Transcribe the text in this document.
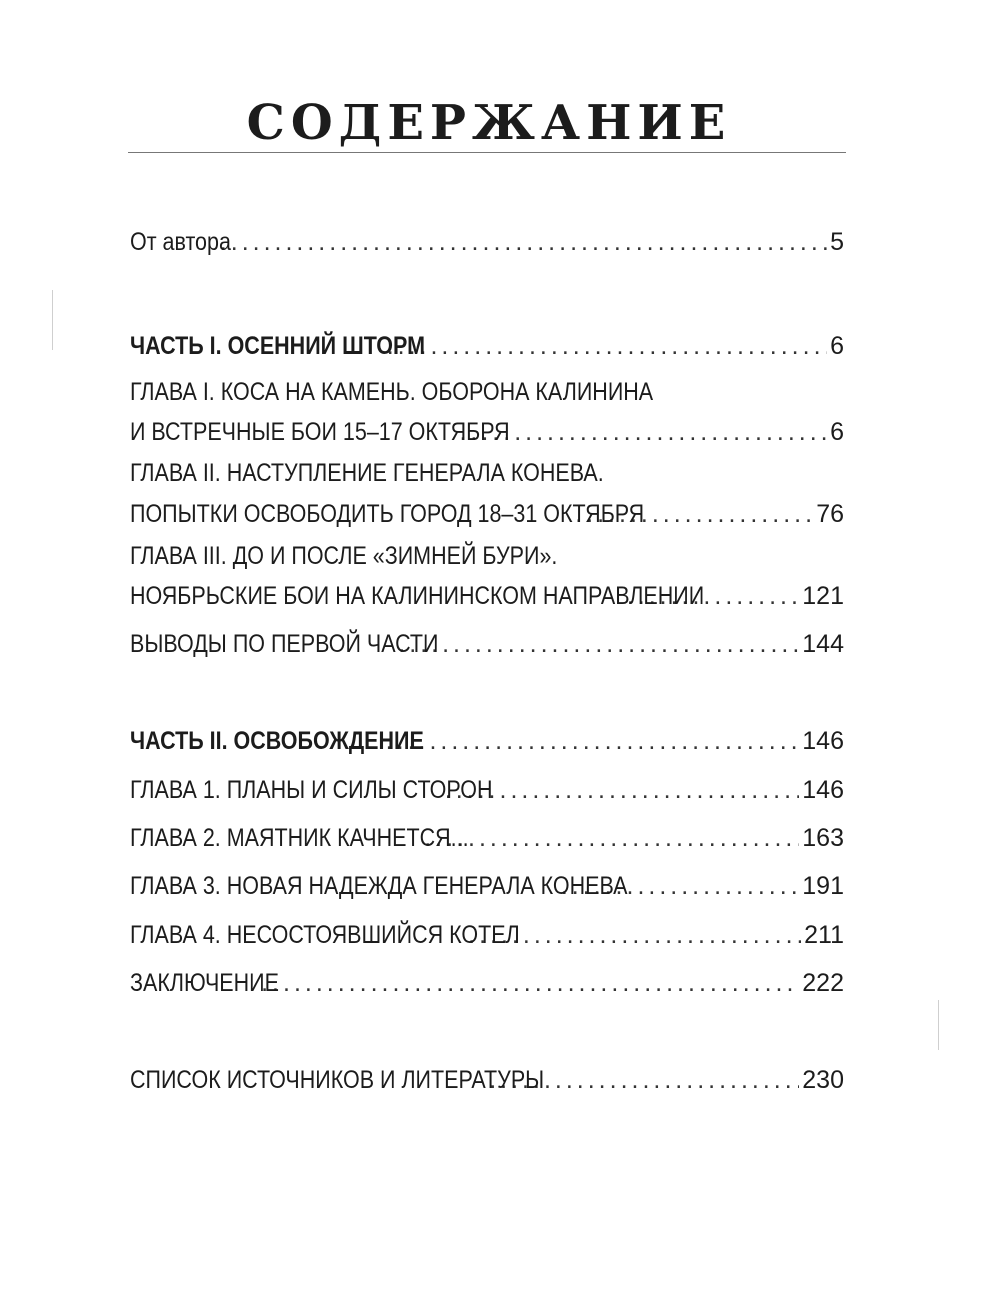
СОДЕРЖАНИЕ
От автора .....	5
ЧАСТЬ I. ОСЕННИЙ ШТОРМ .....	6
ГЛАВА I. КОСА НА КАМЕНЬ. ОБОРОНА КАЛИНИНА
И ВСТРЕЧНЫЕ БОИ 15–17 ОКТЯБРЯ .....	6
ГЛАВА II. НАСТУПЛЕНИЕ ГЕНЕРАЛА КОНЕВА.
ПОПЫТКИ ОСВОБОДИТЬ ГОРОД 18–31 ОКТЯБРЯ .....	76
ГЛАВА III. ДО И ПОСЛЕ «ЗИМНЕЙ БУРИ».
НОЯБРЬСКИЕ БОИ НА КАЛИНИНСКОМ НАПРАВЛЕНИИ .....	121
ВЫВОДЫ ПО ПЕРВОЙ ЧАСТИ .....	144
ЧАСТЬ II. ОСВОБОЖДЕНИЕ .....	146
ГЛАВА 1. ПЛАНЫ И СИЛЫ СТОРОН .....	146
ГЛАВА 2. МАЯТНИК КАЧНЕТСЯ... .....	163
ГЛАВА 3. НОВАЯ НАДЕЖДА ГЕНЕРАЛА КОНЕВА .....	191
ГЛАВА 4. НЕСОСТОЯВШИЙСЯ КОТЕЛ .....	211
ЗАКЛЮЧЕНИЕ .....	222
СПИСОК ИСТОЧНИКОВ И ЛИТЕРАТУРЫ .....	230
